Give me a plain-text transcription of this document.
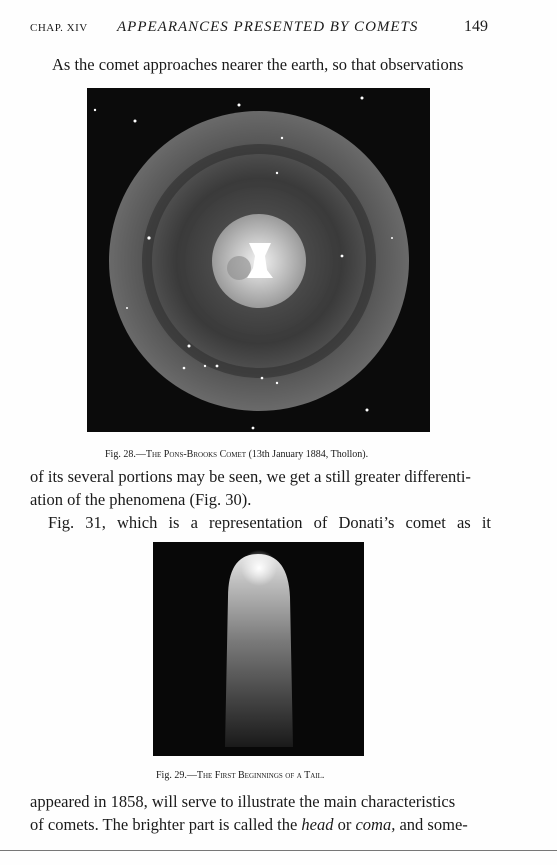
CHAP. XIV APPEARANCES PRESENTED BY COMETS	149
As the comet approaches nearer the earth, so that observations
Fig. 28.—The Pons-Brooks Comet (13th January 1884, Thollon).
of its several portions may be seen, we get a still greater differenti-
ation of the phenomena (Fig. 30).
Fig. 31, which is a representation of Donati’s comet as it
Fig. 29.—The First Beginnings of a Tail.
appeared in 1858, will serve to illustrate the main characteristics
of comets. The brighter part is called the head or coma, and some-
